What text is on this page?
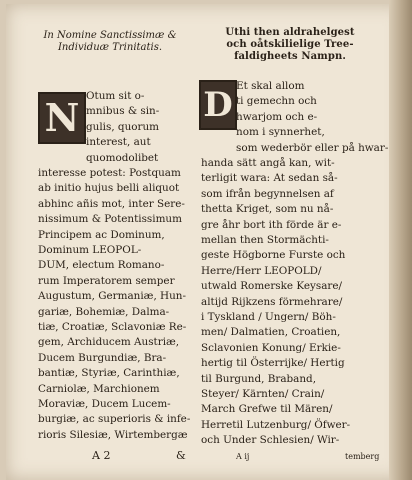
In Nomine Sanctissimæ &
Individuæ Trinitatis.
Uthi then aldrahelgest
och oåtskilielige Tree-
faldigheets Nampn.
N	D
Otum sit o-
mnibus & sin-
gulis, quorum
interest, aut
quomodolibet
interesse potest: Postquam
ab initio hujus belli aliquot
abhinc añis mot, inter Sere-
nissimum & Potentissimum
Principem ac Dominum,
Dominum LEOPOL-
DUM, electum Romano-
rum Imperatorem semper
Augustum, Germaniæ, Hun-
gariæ, Bohemiæ, Dalma-
tiæ, Croatiæ, Sclavoniæ Re-
gem, Archiducem Austriæ,
Ducem Burgundiæ, Bra-
bantiæ, Styriæ, Carinthiæ,
Carniolæ, Marchionem
Moraviæ, Ducem Lucem-
burgiæ, ac superioris & infe-
rioris Silesiæ, Wirtembergæ
Et skal allom
ti gemechn och
hwarjom och e-
nom i synnerhet,
som wederbör eller på hwar-
handa sätt angå kan, wit-
terligit wara: At sedan så-
som ifrån begynnelsen af
thetta Kriget, som nu nå-
gre åhr bort ith förde är e-
mellan then Stormächti-
geste Högborne Furste och
Herre/Herr LEOPOLD/
utwald Romerske Keysare/
altijd Rijkzens förmehrare/
i Tyskland / Ungern/ Böh-
men/ Dalmatien, Croatien,
Sclavonien Konung/ Erkie-
hertig til Österrijke/ Hertig
til Burgund, Braband,
Steyer/ Kärnten/ Crain/
March Grefwe til Mären/
Herretil Lutzenburg/ Öfwer-
och Under Schlesien/ Wir-
A 2	&	A ij	temberg
